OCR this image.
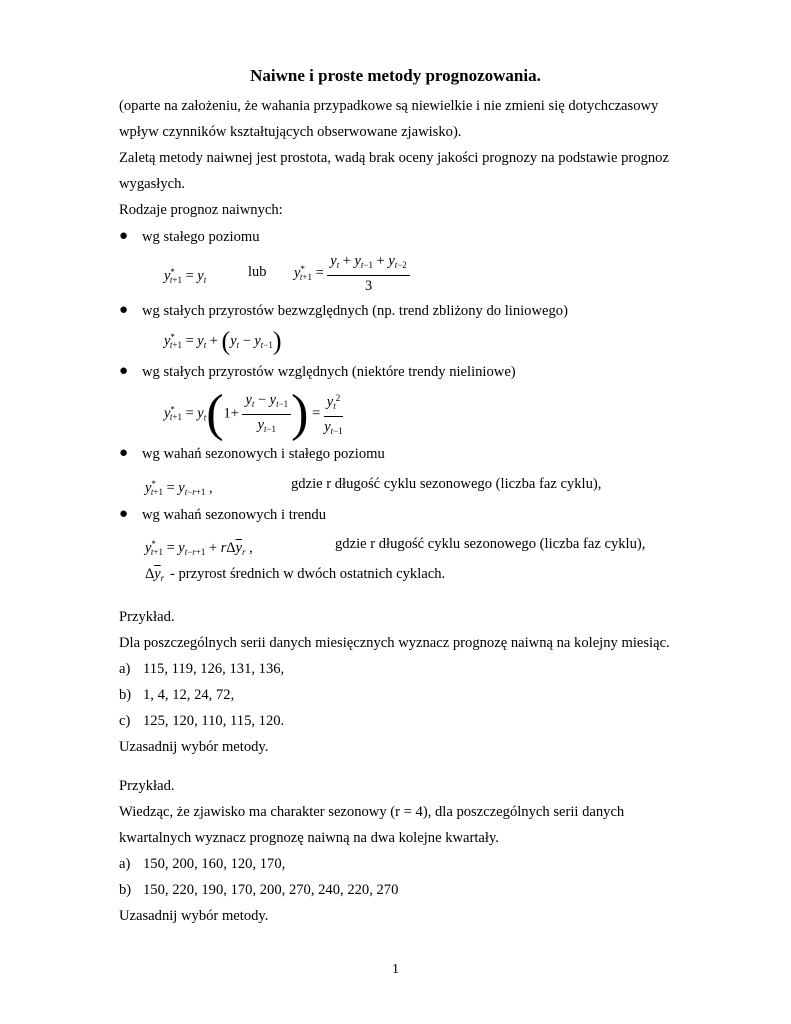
Naiwne i proste metody prognozowania.
(oparte na założeniu, że wahania przypadkowe są niewielkie i nie zmieni się dotychczasowy
wpływ czynników kształtujących obserwowane zjawisko).
Zaletą metody naiwnej jest prostota, wadą brak oceny jakości prognozy na podstawie prognoz
wygasłych.
Rodzaje prognoz naiwnych:
● wg stałego poziomu
$y^*_{t+1} = y_t$	lub $y^*_{t+1} = \frac{y_t + y_{t-1} + y_{t-2}}{3}$
● wg stałych przyrostów bezwzględnych (np. trend zbliżony do liniowego)
$y^*_{t+1} = y_t + (y_t - y_{t-1})$
● wg stałych przyrostów względnych (niektóre trendy nieliniowe)
$y^*_{t+1} = y_t(1+ \frac{y_t - y_{t-1}}{y_{t-1}}$ ) = $\frac{y_t^2}{y_{t-1}}$
● wg wahań sezonowych i stałego poziomu
$y^*_{t+1} = y_{t-r+1}$ ,	gdzie r długość cyklu sezonowego (liczba faz cyklu),
● wg wahań sezonowych i trendu
$y^*_{t+1} = y_{t-r+1} + r\Delta\overline{y}_r$ ,	gdzie r długość cyklu sezonowego (liczba faz cyklu),
$\Delta\overline{y}_r$ - przyrost średnich w dwóch ostatnich cyklach.
Przykład.
Dla poszczególnych serii danych miesięcznych wyznacz prognozę naiwną na kolejny miesiąc.
a) 115, 119, 126, 131, 136,
b) 1, 4, 12, 24, 72,
c) 125, 120, 110, 115, 120.
Uzasadnij wybór metody.
Przykład.
Wiedząc, że zjawisko ma charakter sezonowy (r = 4), dla poszczególnych serii danych
kwartalnych wyznacz prognozę naiwną na dwa kolejne kwartały.
a) 150, 200, 160, 120, 170,
b) 150, 220, 190, 170, 200, 270, 240, 220, 270
Uzasadnij wybór metody.
1
